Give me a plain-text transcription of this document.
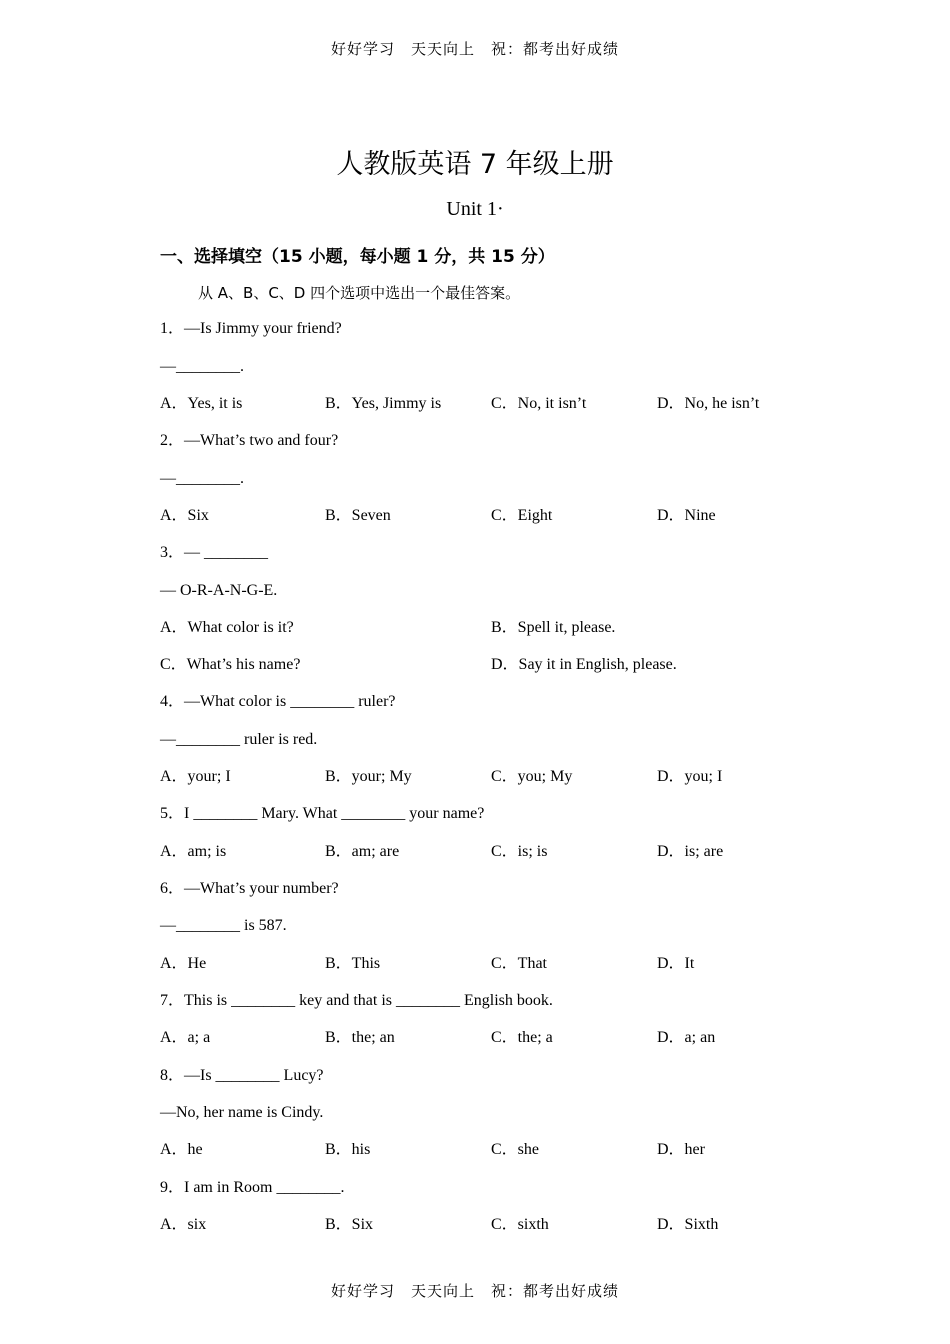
好好学习　天天向上　祝：都考出好成绩
人教版英语 7 年级上册
Unit 1·
一、选择填空（15 小题，每小题 1 分，共 15 分）
从 A、B、C、D 四个选项中选出一个最佳答案。
1．—Is Jimmy your friend?
—________.
A．Yes, it is	B．Yes, Jimmy is	C．No, it isn’t	D．No, he isn’t
2．—What’s two and four?
—________.
A．Six	B．Seven	C．Eight	D．Nine
3．— ________
— O-R-A-N-G-E.
A．What color is it?	B．Spell it, please.
C．What’s his name?	D．Say it in English, please.
4．—What color is ________ ruler?
—________ ruler is red.
A．your; I	B．your; My	C．you; My	D．you; I
5．I ________ Mary. What ________ your name?
A．am; is	B．am; are	C．is; is	D．is; are
6．—What’s your number?
—________ is 587.
A．He	B．This	C．That	D．It
7．This is ________ key and that is ________ English book.
A．a; a	B．the; an	C．the; a	D．a; an
8．—Is ________ Lucy?
—No, her name is Cindy.
A．he	B．his	C．she	D．her
9．I am in Room ________.
A．six	B．Six	C．sixth	D．Sixth
好好学习　天天向上　祝：都考出好成绩
